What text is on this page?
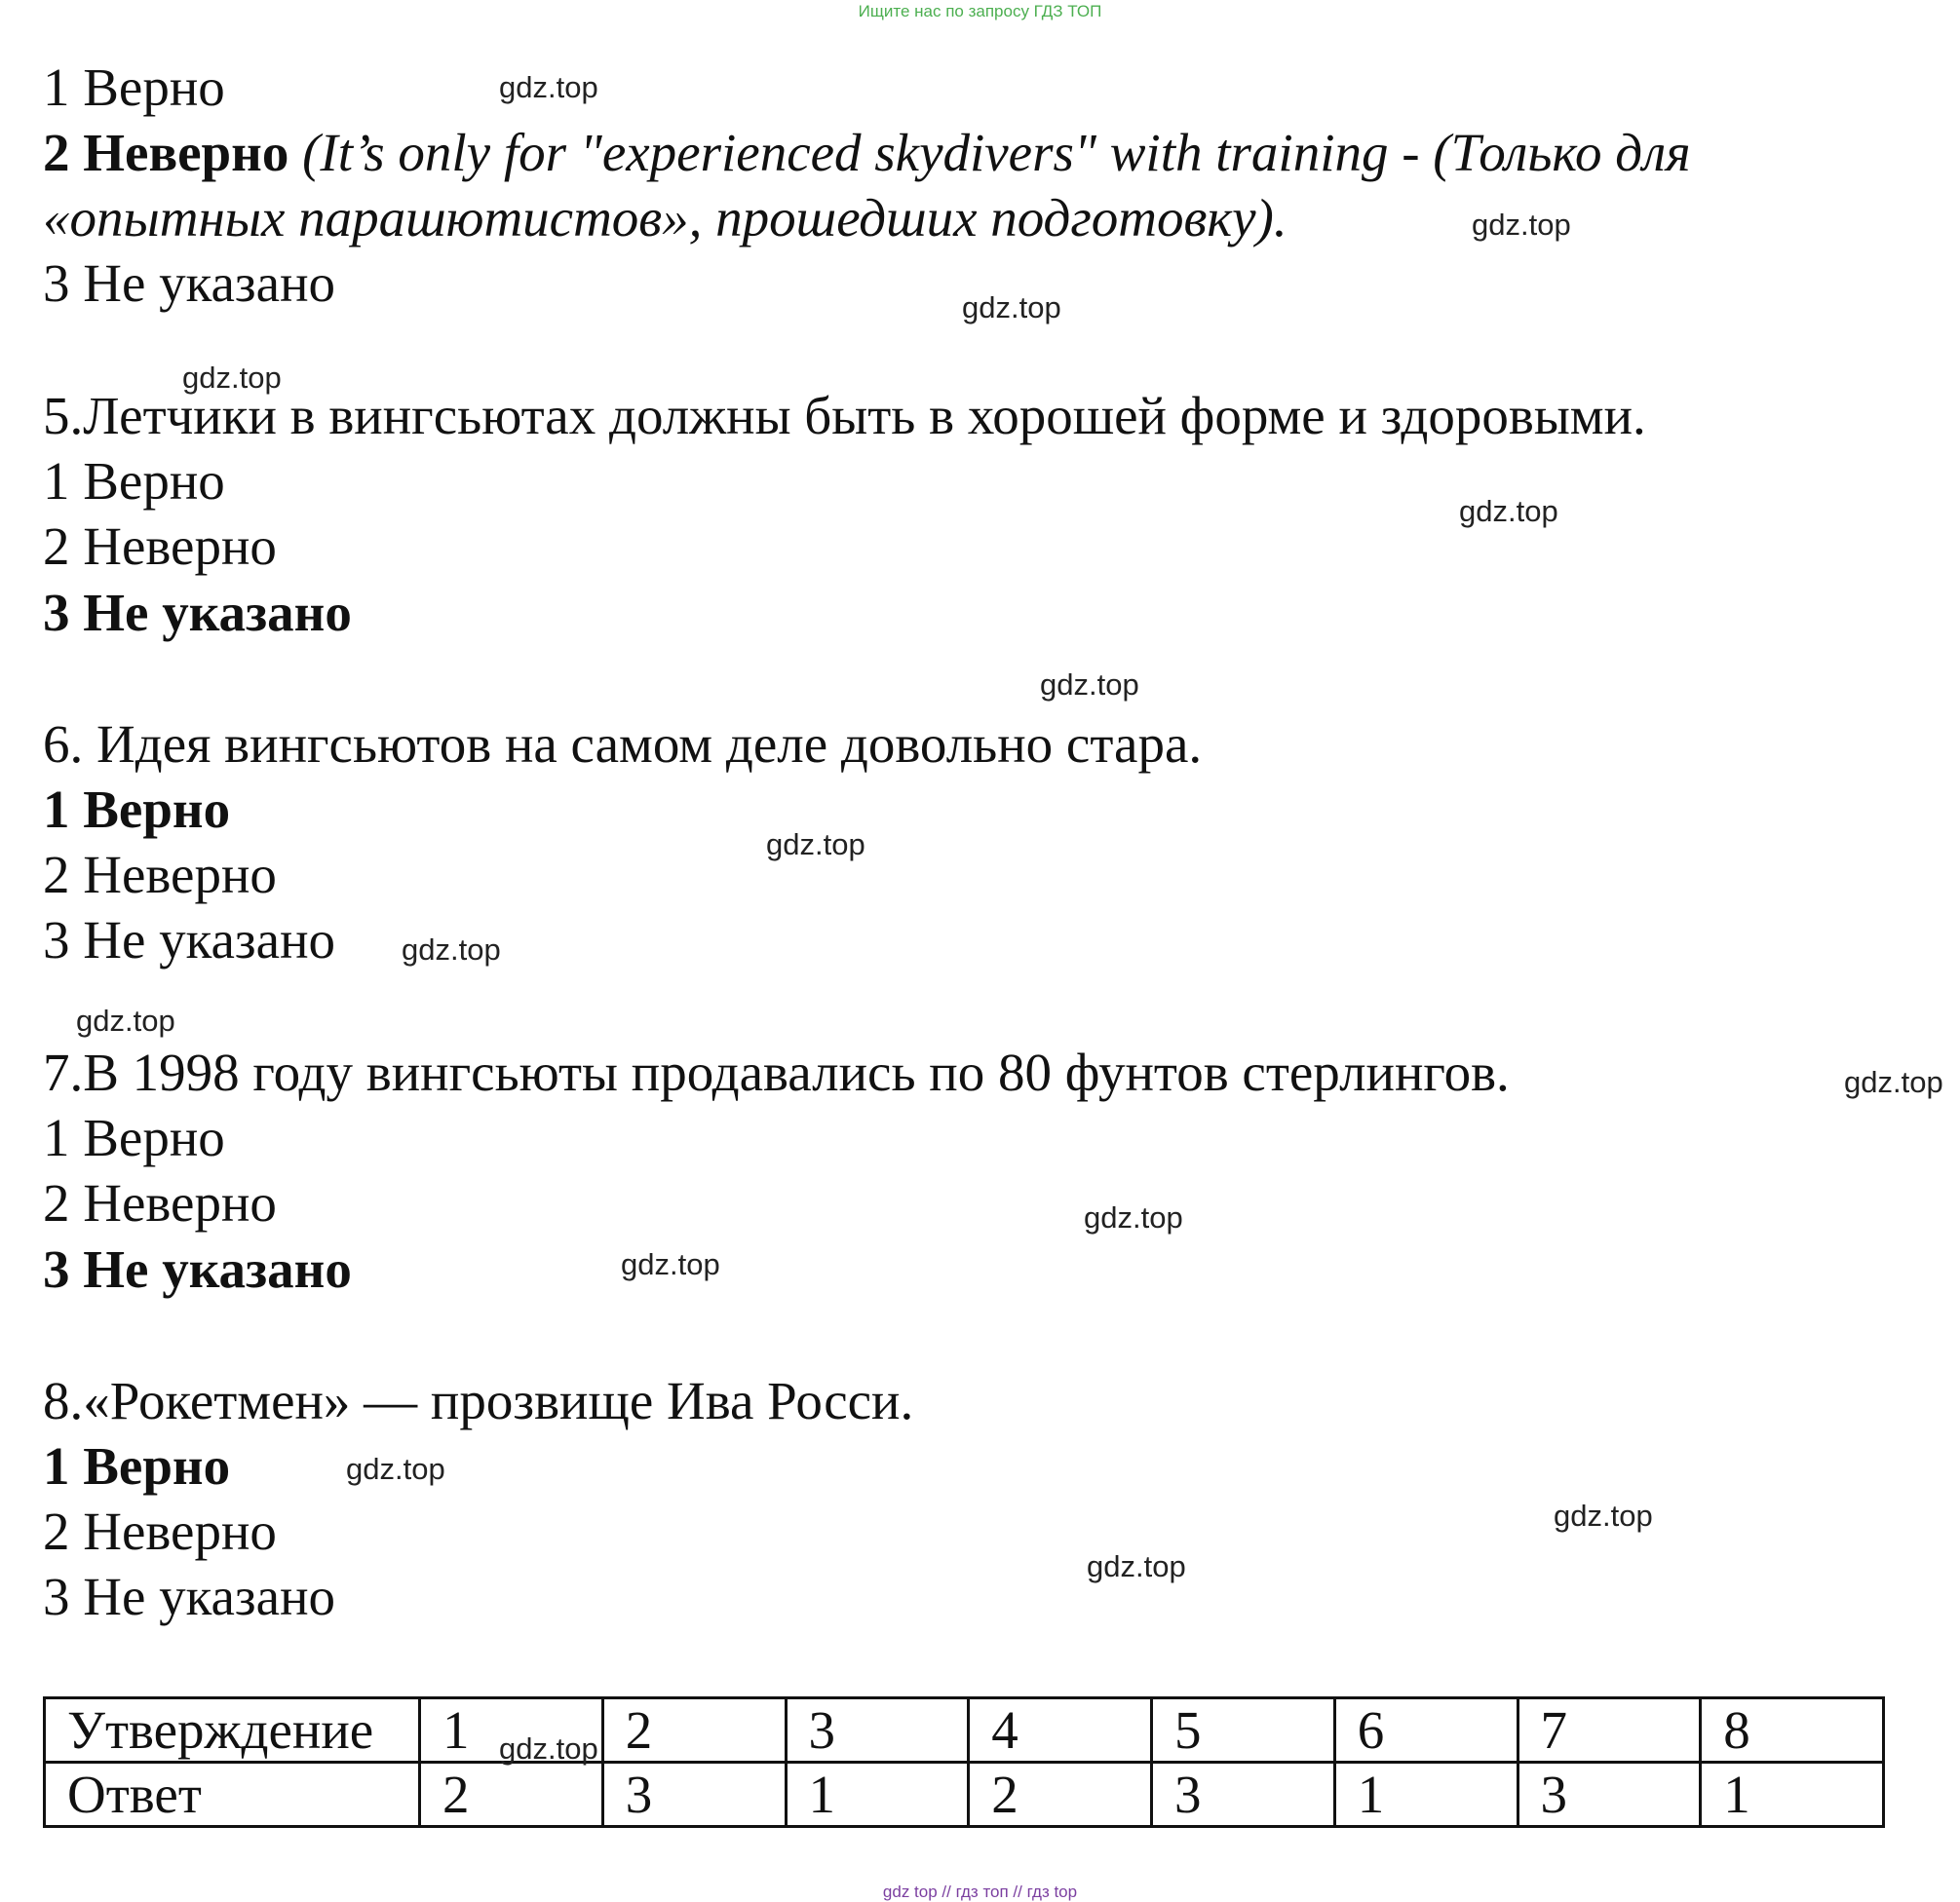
Ищите нас по запросу ГДЗ ТОП
1 Верно
2 Неверно (It’s only for "experienced skydivers" with training - (Только для
«опытных парашютистов», прошедших подготовку).
3 Не указано
5.Летчики в вингсьютах должны быть в хорошей форме и здоровыми.
1 Верно
2 Неверно
3 Не указано
6. Идея вингсьютов на самом деле довольно стара.
1 Верно
2 Неверно
3 Не указано
7.В 1998 году вингсьюты продавались по 80 фунтов стерлингов.
1 Верно
2 Неверно
3 Не указано
8.«Рокетмен» — прозвище Ива Росси.
1 Верно
2 Неверно
3 Не указано
Утверждение	1 gdz.top	2	3	4	5	6	7	8
Ответ	2	3	1	2	3	1	3	1
gdz.top
gdz.top
gdz.top
gdz.top
gdz.top
gdz.top
gdz.top
gdz.top
gdz.top
gdz.top
gdz.top
gdz.top
gdz.top
gdz.top
gdz.top
gdz top // гдз топ // гдз top
